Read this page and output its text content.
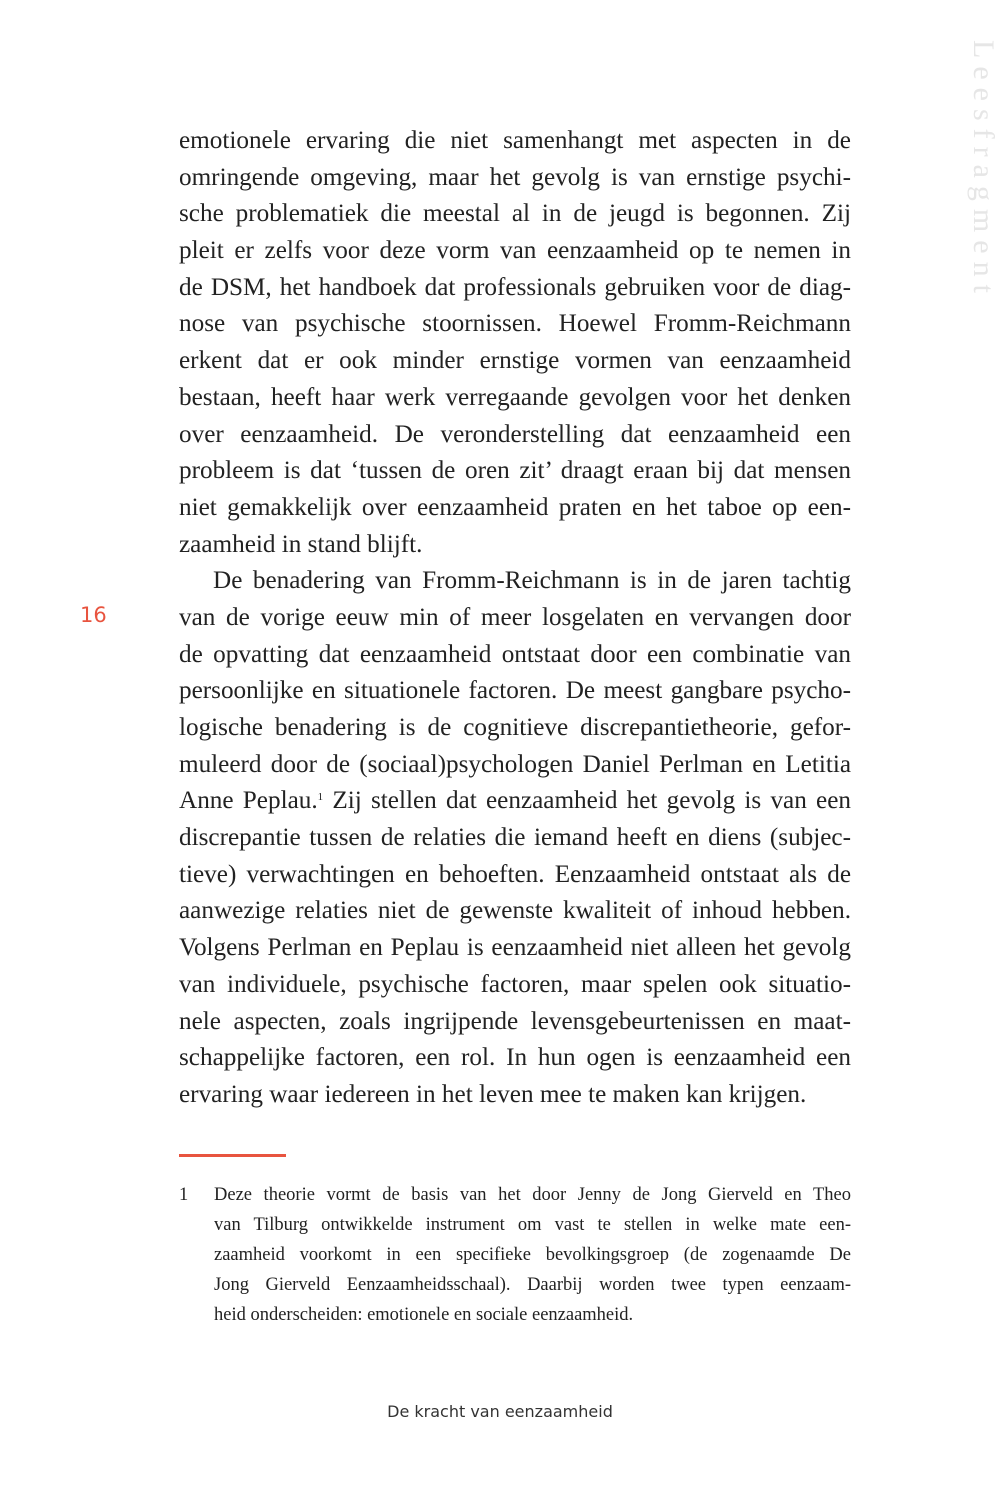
Leesfragment
16
emotionele ervaring die niet samenhangt met aspecten in de
omringende omgeving, maar het gevolg is van ernstige psychi-
sche problematiek die meestal al in de jeugd is begonnen. Zij
pleit er zelfs voor deze vorm van eenzaamheid op te nemen in
de DSM, het handboek dat professionals gebruiken voor de diag-
nose van psychische stoornissen. Hoewel Fromm-Reichmann
erkent dat er ook minder ernstige vormen van eenzaamheid
bestaan, heeft haar werk verregaande gevolgen voor het denken
over eenzaamheid. De veronderstelling dat eenzaamheid een
probleem is dat ‘tussen de oren zit’ draagt eraan bij dat mensen
niet gemakkelijk over eenzaamheid praten en het taboe op een-
zaamheid in stand blijft.
De benadering van Fromm-Reichmann is in de jaren tachtig
van de vorige eeuw min of meer losgelaten en vervangen door
de opvatting dat eenzaamheid ontstaat door een combinatie van
persoonlijke en situationele factoren. De meest gangbare psycho-
logische benadering is de cognitieve discrepantietheorie, gefor-
muleerd door de (sociaal)psychologen Daniel Perlman en Letitia
Anne Peplau.$^1$ Zij stellen dat eenzaamheid het gevolg is van een
discrepantie tussen de relaties die iemand heeft en diens (subjec-
tieve) verwachtingen en behoeften. Eenzaamheid ontstaat als de
aanwezige relaties niet de gewenste kwaliteit of inhoud hebben.
Volgens Perlman en Peplau is eenzaamheid niet alleen het gevolg
van individuele, psychische factoren, maar spelen ook situatio-
nele aspecten, zoals ingrijpende levensgebeurtenissen en maat-
schappelijke factoren, een rol. In hun ogen is eenzaamheid een
ervaring waar iedereen in het leven mee te maken kan krijgen.
1 Deze theorie vormt de basis van het door Jenny de Jong Gierveld en Theo
van Tilburg ontwikkelde instrument om vast te stellen in welke mate een-
zaamheid voorkomt in een specifieke bevolkingsgroep (de zogenaamde De
Jong Gierveld Eenzaamheidsschaal). Daarbij worden twee typen eenzaam-
heid onderscheiden: emotionele en sociale eenzaamheid.
De kracht van eenzaamheid
